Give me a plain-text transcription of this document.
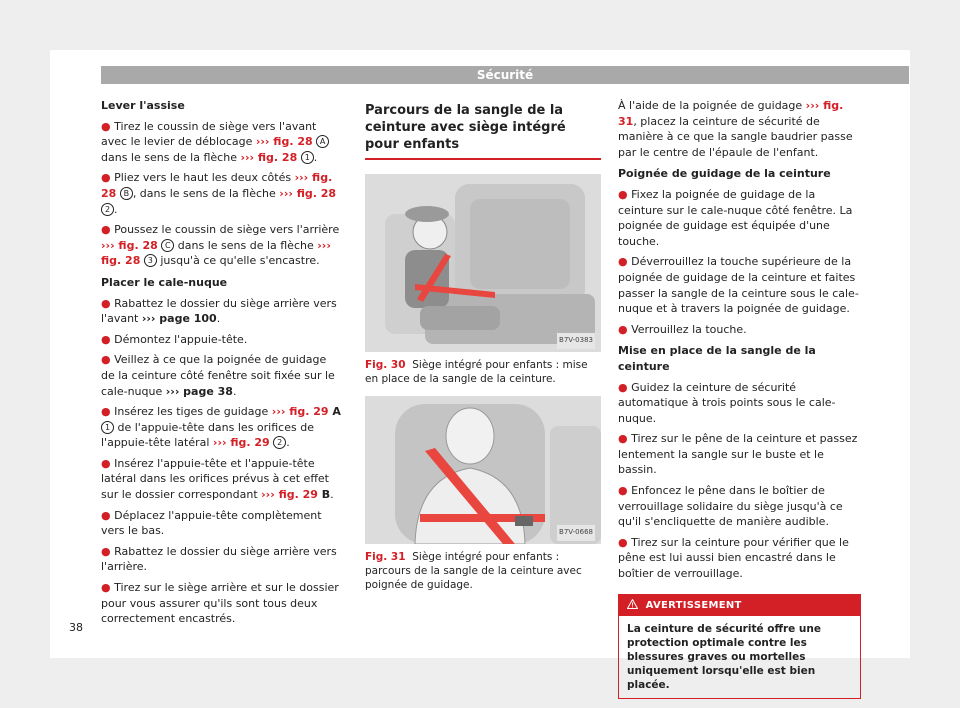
Sécurité

Lever l'assise

● Tirez le coussin de siège vers l'avant avec le levier de déblocage ››› fig. 28 A dans le sens de la flèche ››› fig. 28 1 .

● Pliez vers le haut les deux côtés ››› fig. 28 B , dans le sens de la flèche ››› fig. 28 2 .

● Poussez le coussin de siège vers l'arrière ››› fig. 28 C dans le sens de la flèche ››› fig. 28 3 jusqu'à ce qu'elle s'encastre.

Placer le cale-nuque

● Rabattez le dossier du siège arrière vers l'avant ››› page 100.

● Démontez l'appuie-tête.

● Veillez à ce que la poignée de guidage de la ceinture côté fenêtre soit fixée sur le cale-nuque ››› page 38.

● Insérez les tiges de guidage ››› fig. 29 A 1 de l'appuie-tête dans les orifices de l'appuie-tête latéral ››› fig. 29 2 .

● Insérez l'appuie-tête et l'appuie-tête latéral dans les orifices prévus à cet effet sur le dossier correspondant ››› fig. 29 B.

● Déplacez l'appuie-tête complètement vers le bas.

● Rabattez le dossier du siège arrière vers l'arrière.

● Tirez sur le siège arrière et sur le dossier pour vous assurer qu'ils sont tous deux correctement encastrés.

Parcours de la sangle de la ceinture avec siège intégré pour enfants
B7V-0383

Fig. 30 Siège intégré pour enfants : mise en place de la sangle de la ceinture.

B7V-0668

Fig. 31 Siège intégré pour enfants : parcours de la sangle de la ceinture avec poignée de guidage.

À l'aide de la poignée de guidage ››› fig. 31, placez la ceinture de sécurité de manière à ce que la sangle baudrier passe par le centre de l'épaule de l'enfant.

Poignée de guidage de la ceinture

● Fixez la poignée de guidage de la ceinture sur le cale-nuque côté fenêtre. La poignée de guidage est équipée d'une touche.

● Déverrouillez la touche supérieure de la poignée de guidage de la ceinture et faites passer la sangle de la ceinture sous le cale-nuque et à travers la poignée de guidage.

● Verrouillez la touche.

Mise en place de la sangle de la ceinture

● Guidez la ceinture de sécurité automatique à trois points sous le cale-nuque.

● Tirez sur le pêne de la ceinture et passez lentement la sangle sur le buste et le bassin.

● Enfoncez le pêne dans le boîtier de verrouillage solidaire du siège jusqu'à ce qu'il s'encliquette de manière audible.

● Tirez sur la ceinture pour vérifier que le pêne est lui aussi bien encastré dans le boîtier de verrouillage.

AVERTISSEMENT
La ceinture de sécurité offre une protection optimale contre les blessures graves ou mortelles uniquement lorsqu'elle est bien placée.
38
